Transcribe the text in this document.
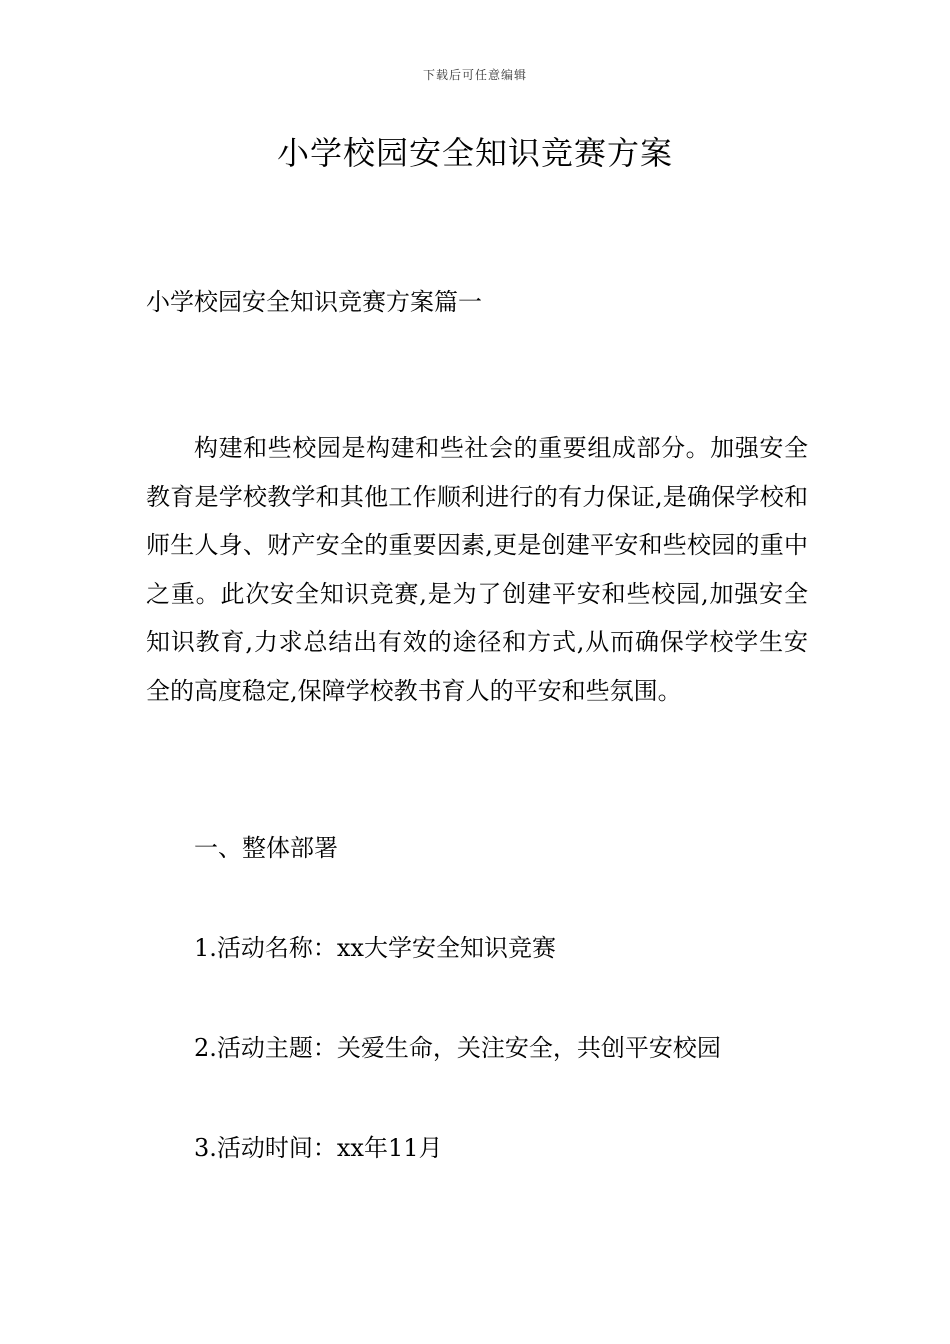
下载后可任意编辑
小学校园安全知识竞赛方案
小学校园安全知识竞赛方案篇一

构建和些校园是构建和些社会的重要组成部分。加强安全教育是学校教学和其他工作顺利进行的有力保证,是确保学校和师生人身、财产安全的重要因素,更是创建平安和些校园的重中之重。此次安全知识竞赛,是为了创建平安和些校园,加强安全知识教育,力求总结出有效的途径和方式,从而确保学校学生安全的高度稳定,保障学校教书育人的平安和些氛围。

一、整体部署

1.活动名称：xx大学安全知识竞赛

2.活动主题：关爱生命，关注安全，共创平安校园

3.活动时间：xx年11月
